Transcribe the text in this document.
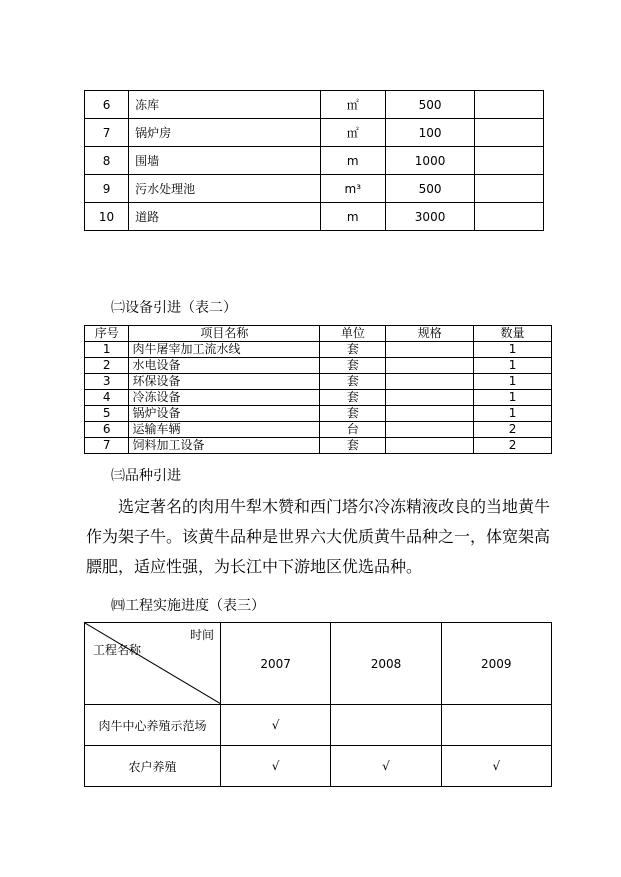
6	冻库	㎡	500	
7	锅炉房	㎡	100	
8	围墙	m	1000	
9	污水处理池	m³	500	
10	道路	m	3000	
㈡设备引进（表二）
序号	项目名称	单位	规格	数量
1	肉牛屠宰加工流水线	套		1
2	水电设备	套		1
3	环保设备	套		1
4	冷冻设备	套		1
5	锅炉设备	套		1
6	运输车辆	台		2
7	饲料加工设备	套		2
㈢品种引进

选定著名的肉用牛犁木赞和西门塔尔冷冻精液改良的当地黄牛

作为架子牛。该黄牛品种是世界六大优质黄牛品种之一，体宽架高

膘肥，适应性强，为长江中下游地区优选品种。

㈣工程实施进度（表三）
时间
工程名称	2007	2008	2009
肉牛中心养殖示范场	√		
农户养殖	√	√	√
